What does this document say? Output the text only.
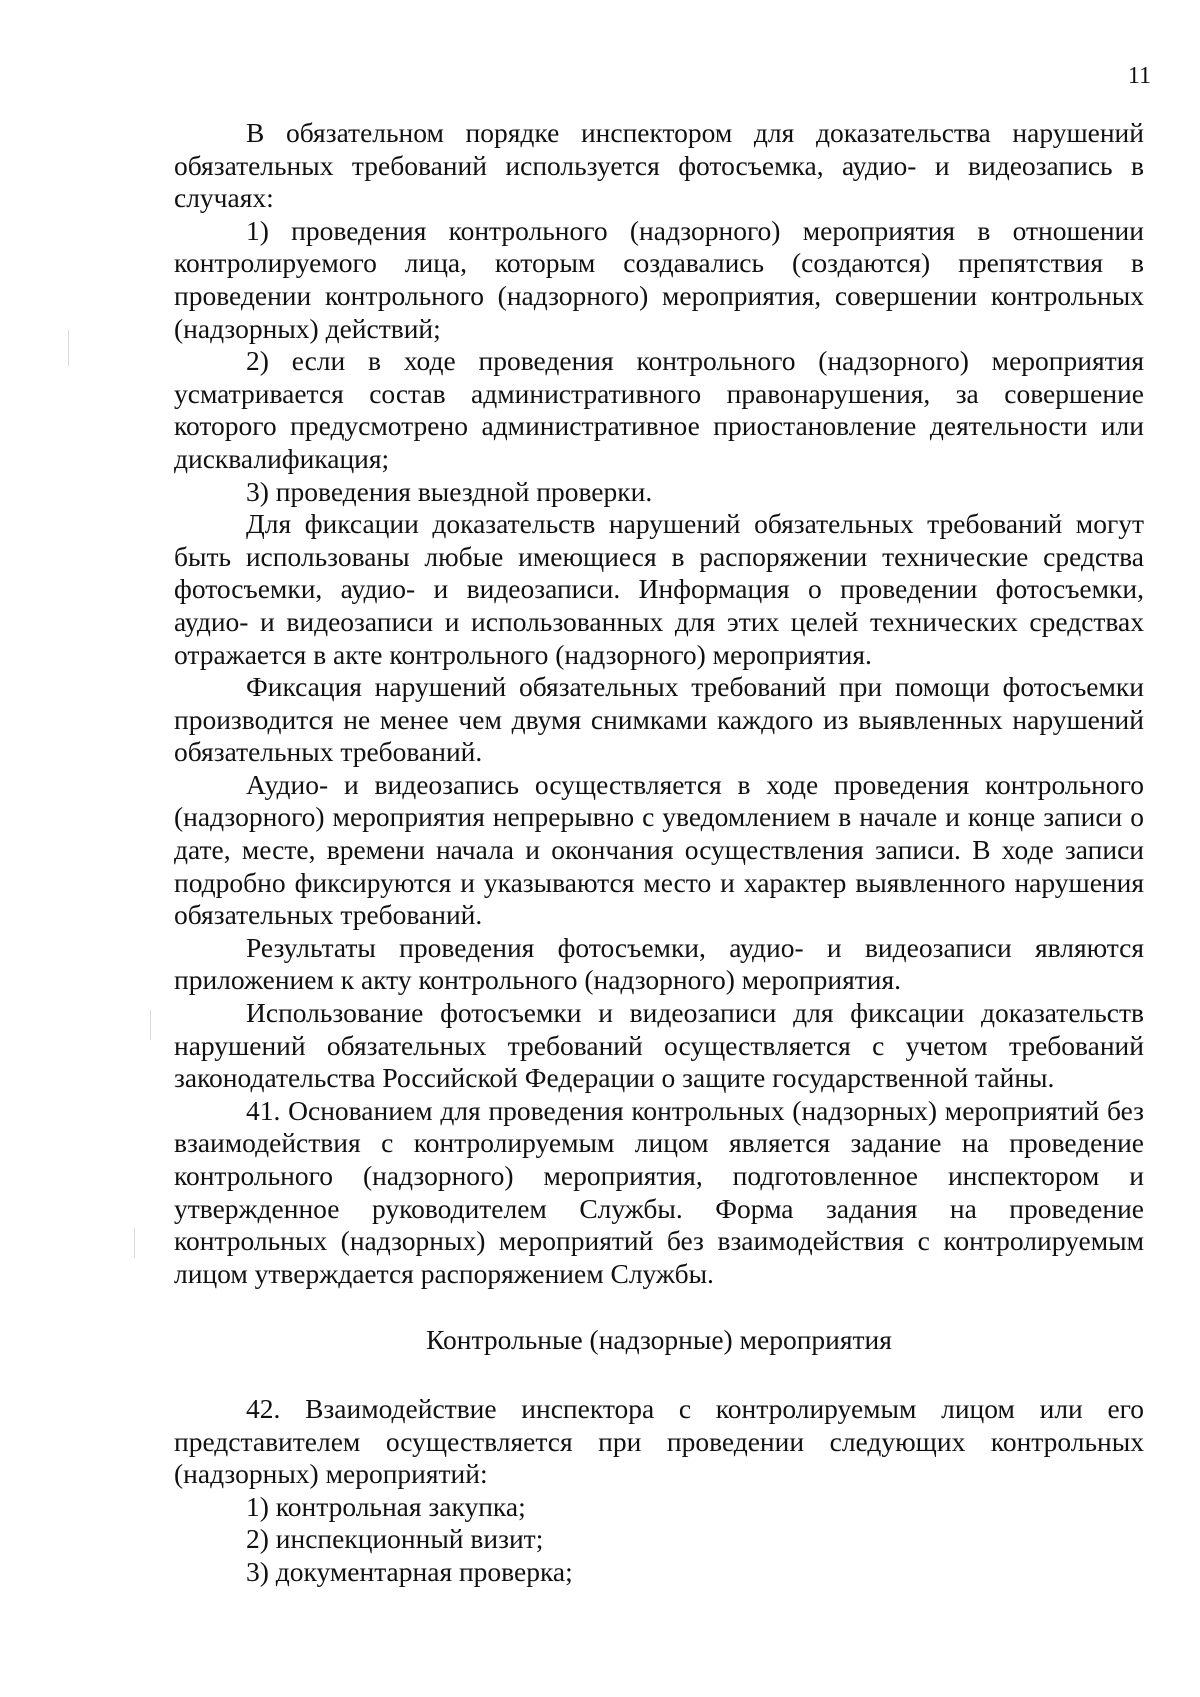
11

В обязательном порядке инспектором для доказательства нарушений обязательных требований используется фотосъемка, аудио- и видеозапись в случаях:

1) проведения контрольного (надзорного) мероприятия в отношении контролируемого лица, которым создавались (создаются) препятствия в проведении контрольного (надзорного) мероприятия, совершении контрольных (надзорных) действий;

2) если в ходе проведения контрольного (надзорного) мероприятия усматривается состав административного правонарушения, за совершение которого предусмотрено административное приостановление деятельности или дисквалификация;

3) проведения выездной проверки.

Для фиксации доказательств нарушений обязательных требований могут быть использованы любые имеющиеся в распоряжении технические средства фотосъемки, аудио- и видеозаписи. Информация о проведении фотосъемки, аудио- и видеозаписи и использованных для этих целей технических средствах отражается в акте контрольного (надзорного) мероприятия.

Фиксация нарушений обязательных требований при помощи фотосъемки производится не менее чем двумя снимками каждого из выявленных нарушений обязательных требований.

Аудио- и видеозапись осуществляется в ходе проведения контрольного (надзорного) мероприятия непрерывно с уведомлением в начале и конце записи о дате, месте, времени начала и окончания осуществления записи. В ходе записи подробно фиксируются и указываются место и характер выявленного нарушения обязательных требований.

Результаты проведения фотосъемки, аудио- и видеозаписи являются приложением к акту контрольного (надзорного) мероприятия.

Использование фотосъемки и видеозаписи для фиксации доказательств нарушений обязательных требований осуществляется с учетом требований законодательства Российской Федерации о защите государственной тайны.

41. Основанием для проведения контрольных (надзорных) мероприятий без взаимодействия с контролируемым лицом является задание на проведение контрольного (надзорного) мероприятия, подготовленное инспектором и утвержденное руководителем Службы. Форма задания на проведение контрольных (надзорных) мероприятий без взаимодействия с контролируемым лицом утверждается распоряжением Службы.

Контрольные (надзорные) мероприятия

42. Взаимодействие инспектора с контролируемым лицом или его представителем осуществляется при проведении следующих контрольных (надзорных) мероприятий:

1) контрольная закупка;

2) инспекционный визит;

3) документарная проверка;
